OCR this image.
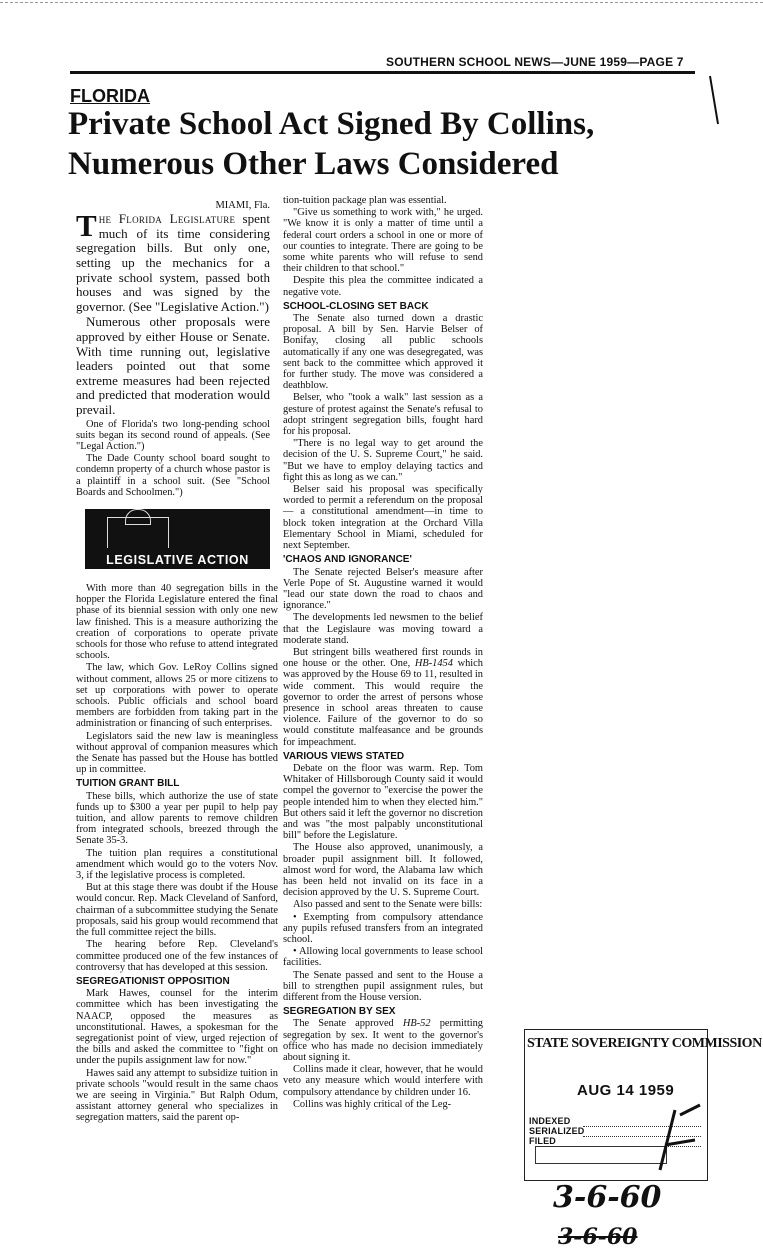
SOUTHERN SCHOOL NEWS—JUNE 1959—PAGE 7
FLORIDA
Private School Act Signed By Collins,
Numerous Other Laws Considered
MIAMI, Fla.

The Florida Legislature spent much of its time considering segregation bills. But only one, setting up the mechanics for a private school system, passed both houses and was signed by the governor. (See "Legislative Action.")

Numerous other proposals were approved by either House or Senate. With time running out, legislative leaders pointed out that some extreme measures had been rejected and predicted that moderation would prevail.

One of Florida's two long-pending school suits began its second round of appeals. (See "Legal Action.")

The Dade County school board sought to condemn property of a church whose pastor is a plaintiff in a school suit. (See "School Boards and Schoolmen.")

LEGISLATIVE ACTION

With more than 40 segregation bills in the hopper the Florida Legislature entered the final phase of its biennial session with only one new law finished. This is a measure authorizing the creation of corporations to operate private schools for those who refuse to attend integrated schools.

The law, which Gov. LeRoy Collins signed without comment, allows 25 or more citizens to set up corporations with power to operate schools. Public officials and school board members are forbidden from taking part in the administration or financing of such enterprises.

Legislators said the new law is meaningless without approval of companion measures which the Senate has passed but the House has bottled up in committee.

TUITION GRANT BILL

These bills, which authorize the use of state funds up to $300 a year per pupil to help pay tuition, and allow parents to remove children from integrated schools, breezed through the Senate 35-3.

The tuition plan requires a constitutional amendment which would go to the voters Nov. 3, if the legislative process is completed.

But at this stage there was doubt if the House would concur. Rep. Mack Cleveland of Sanford, chairman of a subcommittee studying the Senate proposals, said his group would recommend that the full committee reject the bills.

The hearing before Rep. Cleveland's committee produced one of the few instances of controversy that has developed at this session.

SEGREGATIONIST OPPOSITION

Mark Hawes, counsel for the interim committee which has been investigating the NAACP, opposed the measures as unconstitutional. Hawes, a spokesman for the segregationist point of view, urged rejection of the bills and asked the committee to "fight on under the pupils assignment law for now."

Hawes said any attempt to subsidize tuition in private schools "would result in the same chaos we are seeing in Virginia." But Ralph Odum, assistant attorney general who specializes in segregation matters, said the parent op-

tion-tuition package plan was essential.

"Give us something to work with," he urged. "We know it is only a matter of time until a federal court orders a school in one or more of our counties to integrate. There are going to be some white parents who will refuse to send their children to that school."

Despite this plea the committee indicated a negative vote.

SCHOOL-CLOSING SET BACK

The Senate also turned down a drastic proposal. A bill by Sen. Harvie Belser of Bonifay, closing all public schools automatically if any one was desegregated, was sent back to the committee which approved it for further study. The move was considered a deathblow.

Belser, who "took a walk" last session as a gesture of protest against the Senate's refusal to adopt stringent segregation bills, fought hard for his proposal.

"There is no legal way to get around the decision of the U. S. Supreme Court," he said. "But we have to employ delaying tactics and fight this as long as we can."

Belser said his proposal was specifically worded to permit a referendum on the proposal — a constitutional amendment—in time to block token integration at the Orchard Villa Elementary School in Miami, scheduled for next September.

'CHAOS AND IGNORANCE'

The Senate rejected Belser's measure after Verle Pope of St. Augustine warned it would "lead our state down the road to chaos and ignorance."

The developments led newsmen to the belief that the Legislaure was moving toward a moderate stand.

But stringent bills weathered first rounds in one house or the other. One, HB-1454 which was approved by the House 69 to 11, resulted in wide comment. This would require the governor to order the arrest of persons whose presence in school areas threaten to cause violence. Failure of the governor to do so would constitute malfeasance and be grounds for impeachment.

VARIOUS VIEWS STATED

Debate on the floor was warm. Rep. Tom Whitaker of Hillsborough County said it would compel the governor to "exercise the power the people intended him to when they elected him." But others said it left the governor no discretion and was "the most palpably unconstitutional bill" before the Legislature.

The House also approved, unanimously, a broader pupil assignment bill. It followed, almost word for word, the Alabama law which has been held not invalid on its face in a decision approved by the U. S. Supreme Court.

Also passed and sent to the Senate were bills:

• Exempting from compulsory attendance any pupils refused transfers from an integrated school.

• Allowing local governments to lease school facilities.

The Senate passed and sent to the House a bill to strengthen pupil assignment rules, but different from the House version.

SEGREGATION BY SEX

The Senate approved HB-52 permitting segregation by sex. It went to the governor's office who has made no decision immediately about signing it.

Collins made it clear, however, that he would veto any measure which would interfere with compulsory attendance by children under 16.

Collins was highly critical of the Leg-

STATE SOVEREIGNTY COMMISSION
AUG 14 1959
INDEXED
SERIALIZED
FILED
3-6-60
3-6-60
